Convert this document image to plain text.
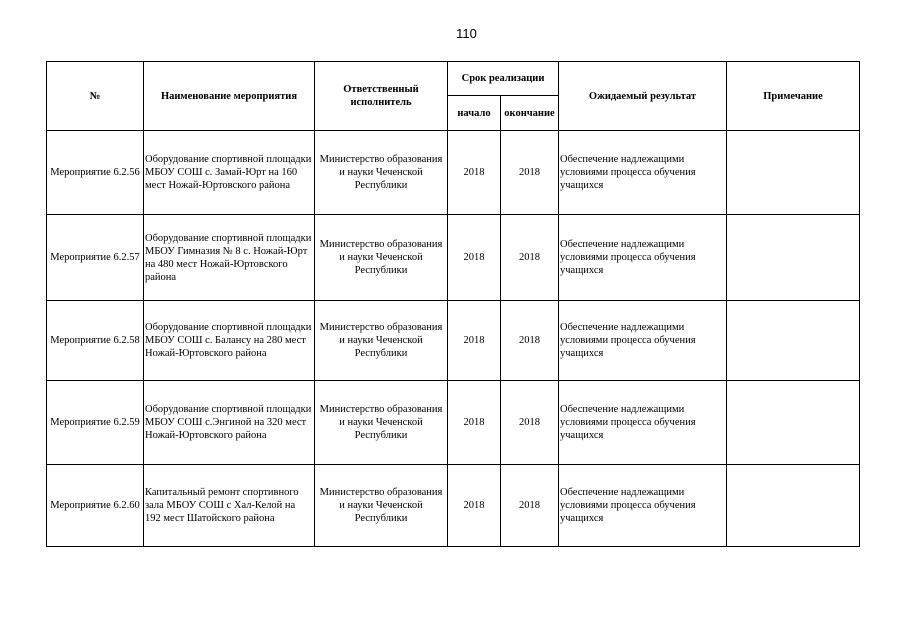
110
№	Наименование мероприятия	Ответственный исполнитель	Срок реализации		Ожидаемый результат	Примечание
			начало	окончание		
Мероприятие 6.2.56	Оборудование спортивной площадки МБОУ СОШ с. Замай-Юрт на 160 мест Ножай-Юртовского района	Министерство образования и науки Чеченской Республики	2018	2018	Обеспечение надлежащими условиями процесса обучения учащихся	
Мероприятие 6.2.57	Оборудование спортивной площадки МБОУ Гимназия № 8 с. Ножай-Юрт на 480 мест Ножай-Юртовского района	Министерство образования и науки Чеченской Республики	2018	2018	Обеспечение надлежащими условиями процесса обучения учащихся	
Мероприятие 6.2.58	Оборудование спортивной площадки МБОУ СОШ с. Балансу на 280 мест Ножай-Юртовского района	Министерство образования и науки Чеченской Республики	2018	2018	Обеспечение надлежащими условиями процесса обучения учащихся	
Мероприятие 6.2.59	Оборудование спортивной площадки МБОУ СОШ с.Энгиной на 320 мест Ножай-Юртовского района	Министерство образования и науки Чеченской Республики	2018	2018	Обеспечение надлежащими условиями процесса обучения учащихся	
Мероприятие 6.2.60	Капитальный ремонт спортивного зала МБОУ СОШ с Хал-Келой на 192 мест Шатойского района	Министерство образования и науки Чеченской Республики	2018	2018	Обеспечение надлежащими условиями процесса обучения учащихся	
